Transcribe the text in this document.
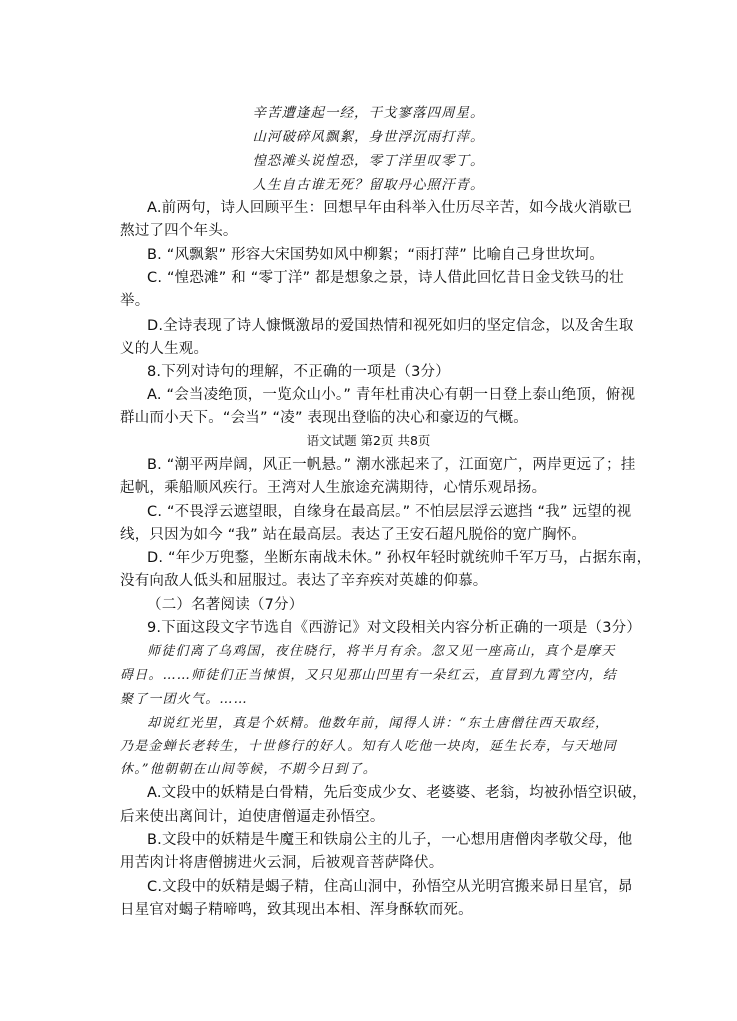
辛苦遭逢起一经，干戈寥落四周星。
山河破碎风飘絮，身世浮沉雨打萍。
惶恐滩头说惶恐，零丁洋里叹零丁。
人生自古谁无死？留取丹心照汗青。
A.前两句，诗人回顾平生：回想早年由科举入仕历尽辛苦，如今战火消歇已
熬过了四个年头。
B. “风飘絮” 形容大宋国势如风中柳絮；“雨打萍” 比喻自己身世坎坷。
C. “惶恐滩” 和 “零丁洋” 都是想象之景，诗人借此回忆昔日金戈铁马的壮
举。
D.全诗表现了诗人慷慨激昂的爱国热情和视死如归的坚定信念，以及舍生取
义的人生观。
8.下列对诗句的理解，不正确的一项是（3分）
A. “会当凌绝顶，一览众山小。” 青年杜甫决心有朝一日登上泰山绝顶，俯视
群山而小天下。“会当” “凌” 表现出登临的决心和豪迈的气概。
语文试题 第2页 共8页
B. “潮平两岸阔，风正一帆悬。” 潮水涨起来了，江面宽广，两岸更远了；挂
起帆，乘船顺风疾行。王湾对人生旅途充满期待，心情乐观昂扬。
C. “不畏浮云遮望眼，自缘身在最高层。” 不怕层层浮云遮挡 “我” 远望的视
线，只因为如今 “我” 站在最高层。表达了王安石超凡脱俗的宽广胸怀。
D. “年少万兜鍪，坐断东南战未休。” 孙权年轻时就统帅千军万马，占据东南，
没有向敌人低头和屈服过。表达了辛弃疾对英雄的仰慕。
（二）名著阅读（7分）
9.下面这段文字节选自《西游记》对文段相关内容分析正确的一项是（3分）
师徒们离了乌鸡国，夜住晓行，将半月有余。忽又见一座高山，真个是摩天
碍日。……师徒们正当悚惧，又只见那山凹里有一朵红云，直冒到九霄空内，结
聚了一团火气。……
却说红光里，真是个妖精。他数年前，闻得人讲：“东土唐僧往西天取经，
乃是金蝉长老转生，十世修行的好人。知有人吃他一块肉，延生长寿，与天地同
休。”他朝朝在山间等候，不期今日到了。
A.文段中的妖精是白骨精，先后变成少女、老婆婆、老翁，均被孙悟空识破，
后来使出离间计，迫使唐僧逼走孙悟空。
B.文段中的妖精是牛魔王和铁扇公主的儿子，一心想用唐僧肉孝敬父母，他
用苦肉计将唐僧掳进火云洞，后被观音菩萨降伏。
C.文段中的妖精是蝎子精，住高山洞中，孙悟空从光明宫搬来昴日星官，昴
日星官对蝎子精啼鸣，致其现出本相、浑身酥软而死。
